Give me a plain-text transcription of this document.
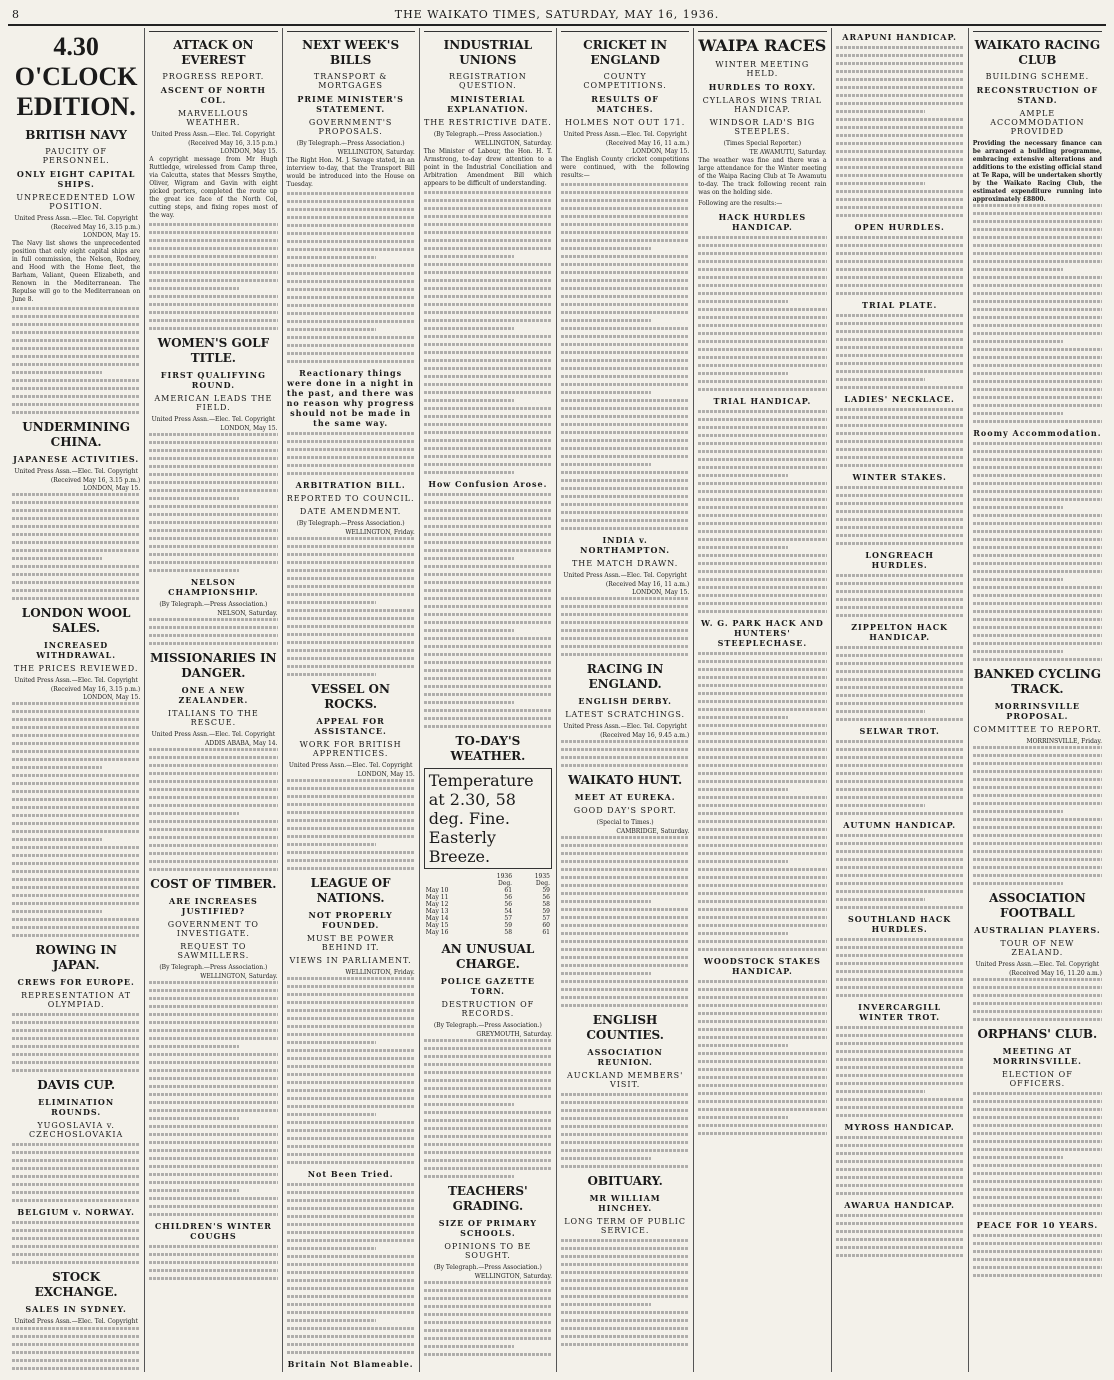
8	THE WAIKATO TIMES, SATURDAY, MAY 16, 1936.
4.30 O'CLOCK EDITION.
BRITISH NAVY
PAUCITY OF PERSONNEL.
ONLY EIGHT CAPITAL SHIPS.
UNPRECEDENTED LOW POSITION.
United Press Assn.—Elec. Tel. Copyright
(Received May 16, 3.15 p.m.)
LONDON, May 15.
The Navy list shows the unprecedented position that only eight capital ships are in full commission, the Nelson, Rodney, and Hood with the Home fleet, the Barham, Valiant, Queen Elizabeth, and Renown in the Mediterranean. The Repulse will go to the Mediterranean on June 8.
UNDERMINING CHINA.
JAPANESE ACTIVITIES.
United Press Assn.—Elec. Tel. Copyright
(Received May 16, 3.15 p.m.)
LONDON, May 15.
LONDON WOOL SALES.
INCREASED WITHDRAWAL.
THE PRICES REVIEWED.
United Press Assn.—Elec. Tel. Copyright
(Received May 16, 3.15 p.m.)
LONDON, May 15.
ROWING IN JAPAN.
CREWS FOR EUROPE.
REPRESENTATION AT OLYMPIAD.
DAVIS CUP.
ELIMINATION ROUNDS.
YUGOSLAVIA v. CZECHOSLOVAKIA
BELGIUM v. NORWAY.
STOCK EXCHANGE.
SALES IN SYDNEY.
United Press Assn.—Elec. Tel. Copyright
ATTACK ON EVEREST
PROGRESS REPORT.
ASCENT OF NORTH COL.
MARVELLOUS WEATHER.
United Press Assn.—Elec. Tel. Copyright
(Received May 16, 3.15 p.m.)
LONDON, May 15.
A copyright message from Mr Hugh Ruttledge, wirelessed from Camp three, via Calcutta, states that Messrs Smythe, Oliver, Wigram and Gavin with eight picked porters, completed the route up the great ice face of the North Col, cutting steps, and fixing ropes most of the way.
WOMEN'S GOLF TITLE.
FIRST QUALIFYING ROUND.
AMERICAN LEADS THE FIELD.
United Press Assn.—Elec. Tel. Copyright
LONDON, May 15.
NELSON CHAMPIONSHIP.
(By Telegraph.—Press Association.)
NELSON, Saturday.
MISSIONARIES IN DANGER.
ONE A NEW ZEALANDER.
ITALIANS TO THE RESCUE.
United Press Assn.—Elec. Tel. Copyright
ADDIS ABABA, May 14.
COST OF TIMBER.
ARE INCREASES JUSTIFIED?
GOVERNMENT TO INVESTIGATE.
REQUEST TO SAWMILLERS.
(By Telegraph.—Press Association.)
WELLINGTON, Saturday.
CHILDREN'S WINTER COUGHS
NEXT WEEK'S BILLS
TRANSPORT & MORTGAGES
PRIME MINISTER'S STATEMENT.
GOVERNMENT'S PROPOSALS.
(By Telegraph.—Press Association.)
WELLINGTON, Saturday.
The Right Hon. M. J. Savage stated, in an interview to-day, that the Transport Bill would be introduced into the House on Tuesday.
Reactionary things were done in a night in the past, and there was no reason why progress should not be made in the same way.
ARBITRATION BILL.
REPORTED TO COUNCIL.
DATE AMENDMENT.
(By Telegraph.—Press Association.)
WELLINGTON, Friday.
VESSEL ON ROCKS.
APPEAL FOR ASSISTANCE.
WORK FOR BRITISH APPRENTICES.
United Press Assn.—Elec. Tel. Copyright
LONDON, May 15.
LEAGUE OF NATIONS.
NOT PROPERLY FOUNDED.
MUST BE POWER BEHIND IT.
VIEWS IN PARLIAMENT.
WELLINGTON, Friday.
Not Been Tried.
Britain Not Blameable.
INDUSTRIAL UNIONS
REGISTRATION QUESTION.
MINISTERIAL EXPLANATION.
THE RESTRICTIVE DATE.
(By Telegraph.—Press Association.)
WELLINGTON, Saturday.
The Minister of Labour, the Hon. H. T. Armstrong, to-day drew attention to a point in the Industrial Conciliation and Arbitration Amendment Bill which appears to be difficult of understanding.
How Confusion Arose.
TO-DAY'S WEATHER.
Temperature at 2.30, 58 deg. Fine. Easterly Breeze.
	1936	1935
	Deg.	Deg.
May 10	61	59
May 11	56	56
May 12	56	58
May 13	54	59
May 14	57	57
May 15	59	60
May 16	58	61
AN UNUSUAL CHARGE.
POLICE GAZETTE TORN.
DESTRUCTION OF RECORDS.
(By Telegraph.—Press Association.)
GREYMOUTH, Saturday.
TEACHERS' GRADING.
SIZE OF PRIMARY SCHOOLS.
OPINIONS TO BE SOUGHT.
(By Telegraph.—Press Association.)
WELLINGTON, Saturday.
CRICKET IN ENGLAND
COUNTY COMPETITIONS.
RESULTS OF MATCHES.
HOLMES NOT OUT 171.
United Press Assn.—Elec. Tel. Copyright
(Received May 16, 11 a.m.)
LONDON, May 15.
The English County cricket competitions were continued, with the following results:—
INDIA v. NORTHAMPTON.
THE MATCH DRAWN.
United Press Assn.—Elec. Tel. Copyright
(Received May 16, 11 a.m.)
LONDON, May 15.
RACING IN ENGLAND.
ENGLISH DERBY.
LATEST SCRATCHINGS.
United Press Assn.—Elec. Tel. Copyright
(Received May 16, 9.45 a.m.)
WAIKATO HUNT.
MEET AT EUREKA.
GOOD DAY'S SPORT.
(Special to Times.)
CAMBRIDGE, Saturday.
ENGLISH COUNTIES.
ASSOCIATION REUNION.
AUCKLAND MEMBERS' VISIT.
OBITUARY.
MR WILLIAM HINCHEY.
LONG TERM OF PUBLIC SERVICE.
WAIPA RACES
WINTER MEETING HELD.
HURDLES TO ROXY.
CYLLAROS WINS TRIAL HANDICAP.
WINDSOR LAD'S BIG STEEPLES.
(Times Special Reporter.)
TE AWAMUTU, Saturday.
The weather was fine and there was a large attendance for the Winter meeting of the Waipa Racing Club at Te Awamutu to-day. The track following recent rain was on the holding side.
Following are the results:—
HACK HURDLES HANDICAP.
TRIAL HANDICAP.
W. G. PARK HACK AND HUNTERS' STEEPLECHASE.
WOODSTOCK STAKES HANDICAP.
ARAPUNI HANDICAP.
OPEN HURDLES.
TRIAL PLATE.
LADIES' NECKLACE.
WINTER STAKES.
LONGREACH HURDLES.
ZIPPELTON HACK HANDICAP.
SELWAR TROT.
AUTUMN HANDICAP.
SOUTHLAND HACK HURDLES.
INVERCARGILL WINTER TROT.
MYROSS HANDICAP.
AWARUA HANDICAP.
WAIKATO RACING CLUB
BUILDING SCHEME.
RECONSTRUCTION OF STAND.
AMPLE ACCOMMODATION PROVIDED
Providing the necessary finance can be arranged a building programme, embracing extensive alterations and additions to the existing official stand at Te Rapa, will be undertaken shortly by the Waikato Racing Club, the estimated expenditure running into approximately £8800.
Roomy Accommodation.
BANKED CYCLING TRACK.
MORRINSVILLE PROPOSAL.
COMMITTEE TO REPORT.
MORRINSVILLE, Friday.
ASSOCIATION FOOTBALL
AUSTRALIAN PLAYERS.
TOUR OF NEW ZEALAND.
United Press Assn.—Elec. Tel. Copyright
(Received May 16, 11.20 a.m.)
ORPHANS' CLUB.
MEETING AT MORRINSVILLE.
ELECTION OF OFFICERS.
PEACE FOR 10 YEARS.
